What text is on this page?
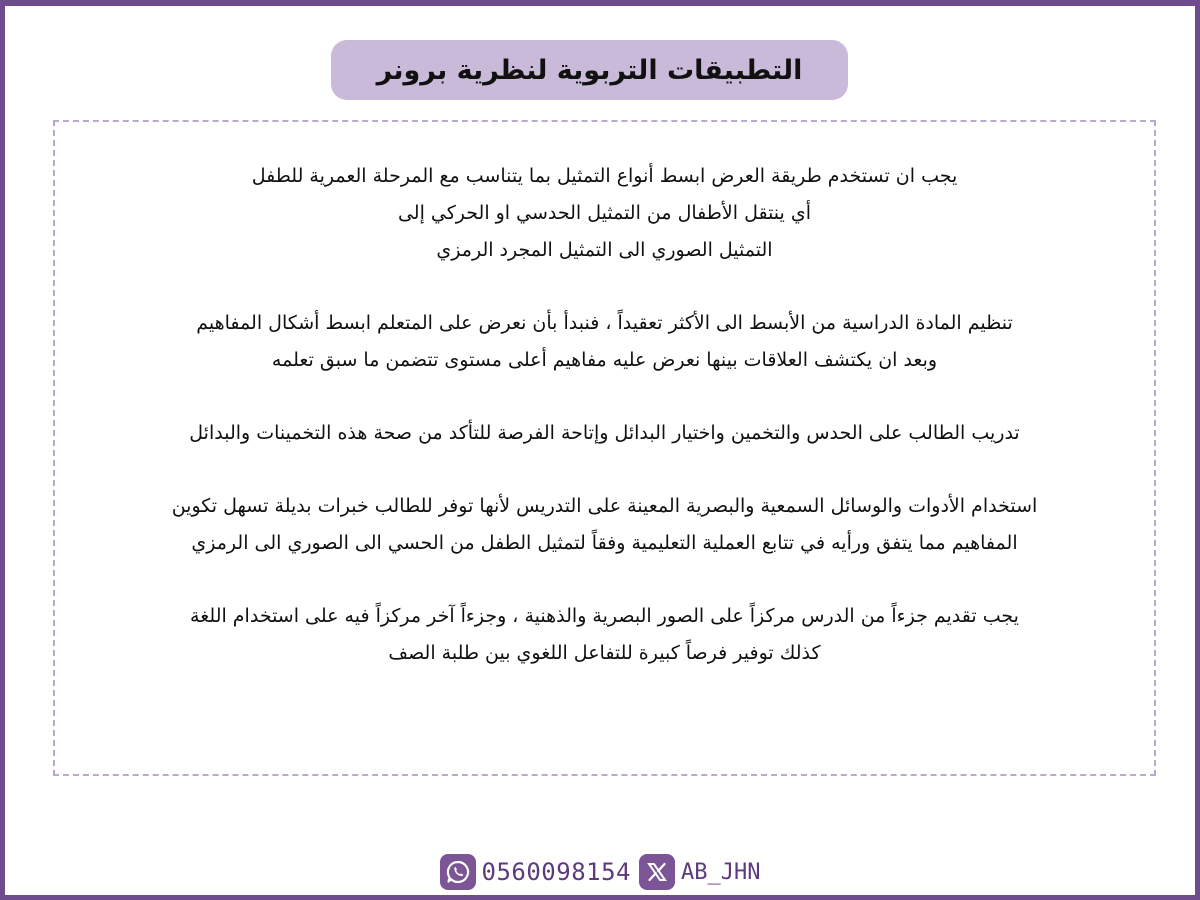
التطبيقات التربوية لنظرية برونر

يجب ان تستخدم طريقة العرض ابسط أنواع التمثيل بما يتناسب مع المرحلة العمرية للطفل
أي ينتقل الأطفال من التمثيل الحدسي او الحركي إلى
التمثيل الصوري الى التمثيل المجرد الرمزي

تنظيم المادة الدراسية من الأبسط الى الأكثر تعقيداً ، فنبدأ بأن نعرض على المتعلم ابسط أشكال المفاهيم
وبعد ان يكتشف العلاقات بينها نعرض عليه مفاهيم أعلى مستوى تتضمن ما سبق تعلمه

تدريب الطالب على الحدس والتخمين واختيار البدائل وإتاحة الفرصة للتأكد من صحة هذه التخمينات والبدائل

استخدام الأدوات والوسائل السمعية والبصرية المعينة على التدريس لأنها توفر للطالب خبرات بديلة تسهل تكوين
المفاهيم مما يتفق ورأيه في تتابع العملية التعليمية وفقاً لتمثيل الطفل من الحسي الى الصوري الى الرمزي

يجب تقديم جزءاً من الدرس مركزاً على الصور البصرية والذهنية ، وجزءاً آخر مركزاً فيه على استخدام اللغة
كذلك توفير فرصاً كبيرة للتفاعل اللغوي بين طلبة الصف

0560098154 AB_JHN
